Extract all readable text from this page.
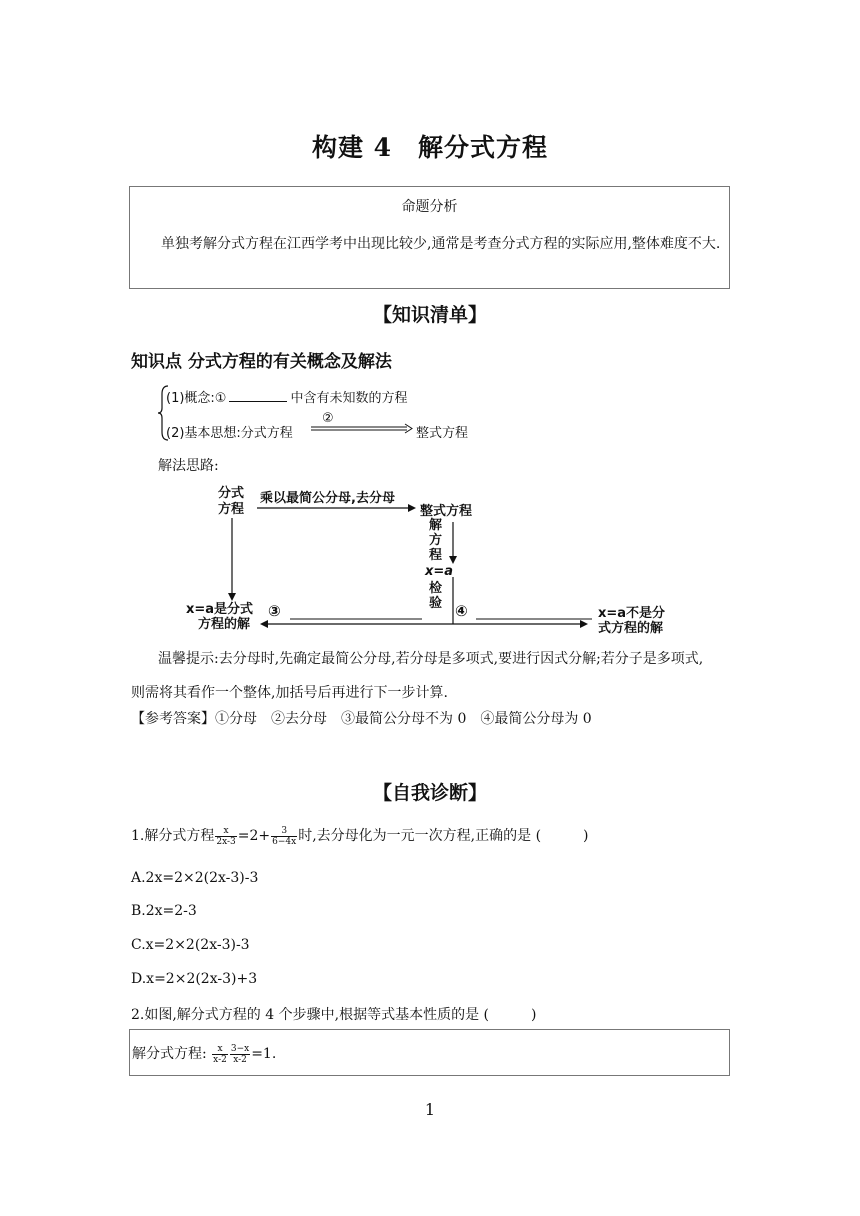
构建 4　解分式方程
命题分析
单独考解分式方程在江西学考中出现比较少,通常是考查分式方程的实际应用,整体难度不大.
【知识清单】
知识点 分式方程的有关概念及解法
(1)概念:①	中含有未知数的方程
(2)基本思想:分式方程
②
整式方程
解法思路:
分式
方程
乘以最简公分母,去分母
整式方程
解
方
程
x=a
检
验
③	④
x=a是分式
方程的解
x=a不是分
式方程的解
温馨提示:去分母时,先确定最简公分母,若分母是多项式,要进行因式分解;若分子是多项式,
则需将其看作一个整体,加括号后再进行下一步计算.
【参考答案】①分母　②去分母　③最简公分母不为 0　④最简公分母为 0
【自我诊断】
1.解分式方程 $\frac{x}{2x-3} =2+ \frac{3}{6-4x}$ 时,去分母化为一元一次方程,正确的是 (　　　)
A.2x=2×2(2x-3)-3
B.2x=2-3
C.x=2×2(2x-3)-3
D.x=2×2(2x-3)+3
2.如图,解分式方程的 4 个步骤中,根据等式基本性质的是 (　　　)
解分式方程: $\frac{x}{x-2} \frac{3-x}{x-2} =1$.
1
